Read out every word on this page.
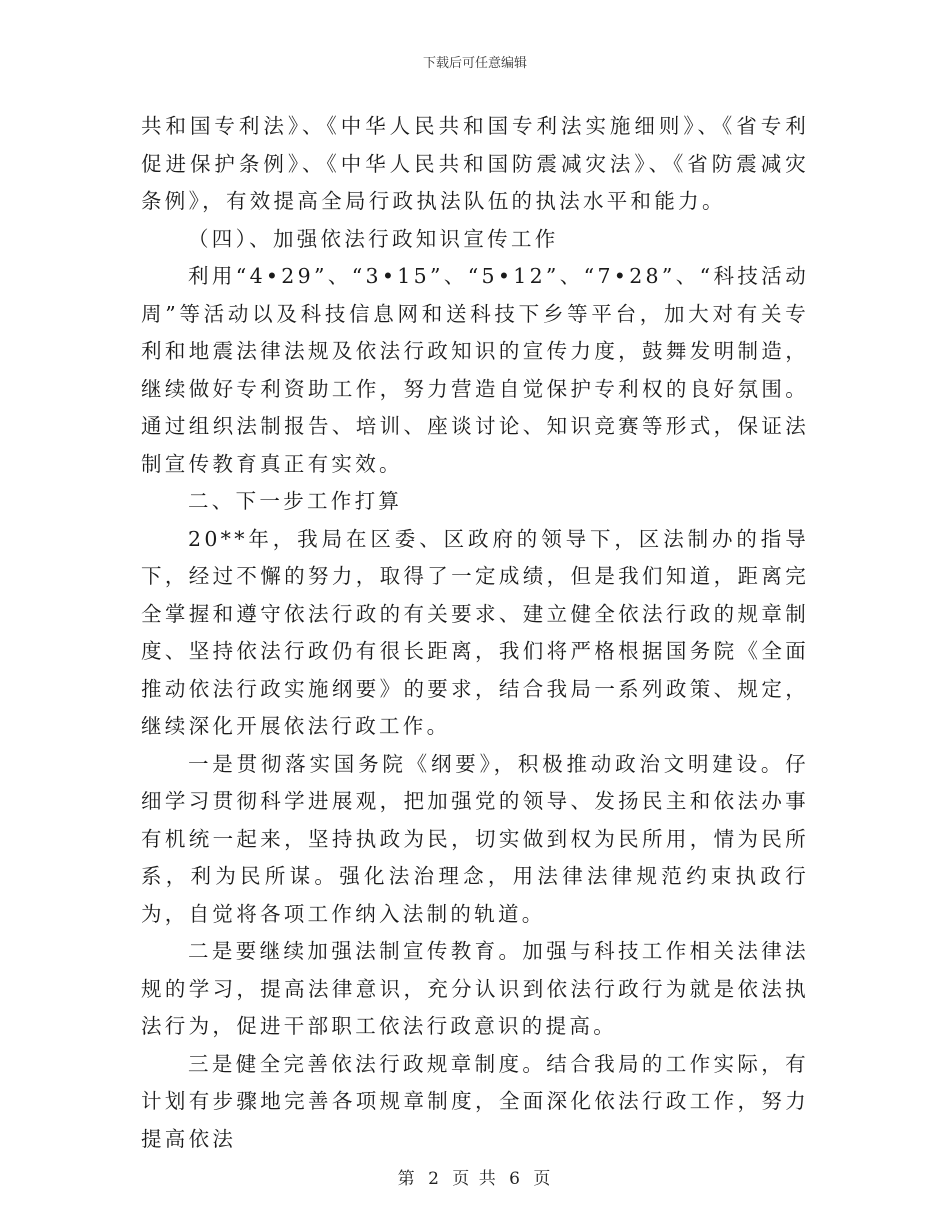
下载后可任意编辑

共和国专利法》、《中华人民共和国专利法实施细则》、《省专利促进保护条例》、《中华人民共和国防震减灾法》、《省防震减灾条例》，有效提高全局行政执法队伍的执法水平和能力。

（四）、加强依法行政知识宣传工作

利用“4•29”、“3•15”、“5•12”、“7•28”、“科技活动周”等活动以及科技信息网和送科技下乡等平台，加大对有关专利和地震法律法规及依法行政知识的宣传力度，鼓舞发明制造，继续做好专利资助工作，努力营造自觉保护专利权的良好氛围。通过组织法制报告、培训、座谈讨论、知识竞赛等形式，保证法制宣传教育真正有实效。

二、下一步工作打算

20**年，我局在区委、区政府的领导下，区法制办的指导下，经过不懈的努力，取得了一定成绩，但是我们知道，距离完全掌握和遵守依法行政的有关要求、建立健全依法行政的规章制度、坚持依法行政仍有很长距离，我们将严格根据国务院《全面推动依法行政实施纲要》的要求，结合我局一系列政策、规定，继续深化开展依法行政工作。

一是贯彻落实国务院《纲要》，积极推动政治文明建设。仔细学习贯彻科学进展观，把加强党的领导、发扬民主和依法办事有机统一起来，坚持执政为民，切实做到权为民所用，情为民所系，利为民所谋。强化法治理念，用法律法律规范约束执政行为，自觉将各项工作纳入法制的轨道。

二是要继续加强法制宣传教育。加强与科技工作相关法律法规的学习，提高法律意识，充分认识到依法行政行为就是依法执法行为，促进干部职工依法行政意识的提高。

三是健全完善依法行政规章制度。结合我局的工作实际，有计划有步骤地完善各项规章制度，全面深化依法行政工作，努力提高依法

第 2 页 共 6 页
